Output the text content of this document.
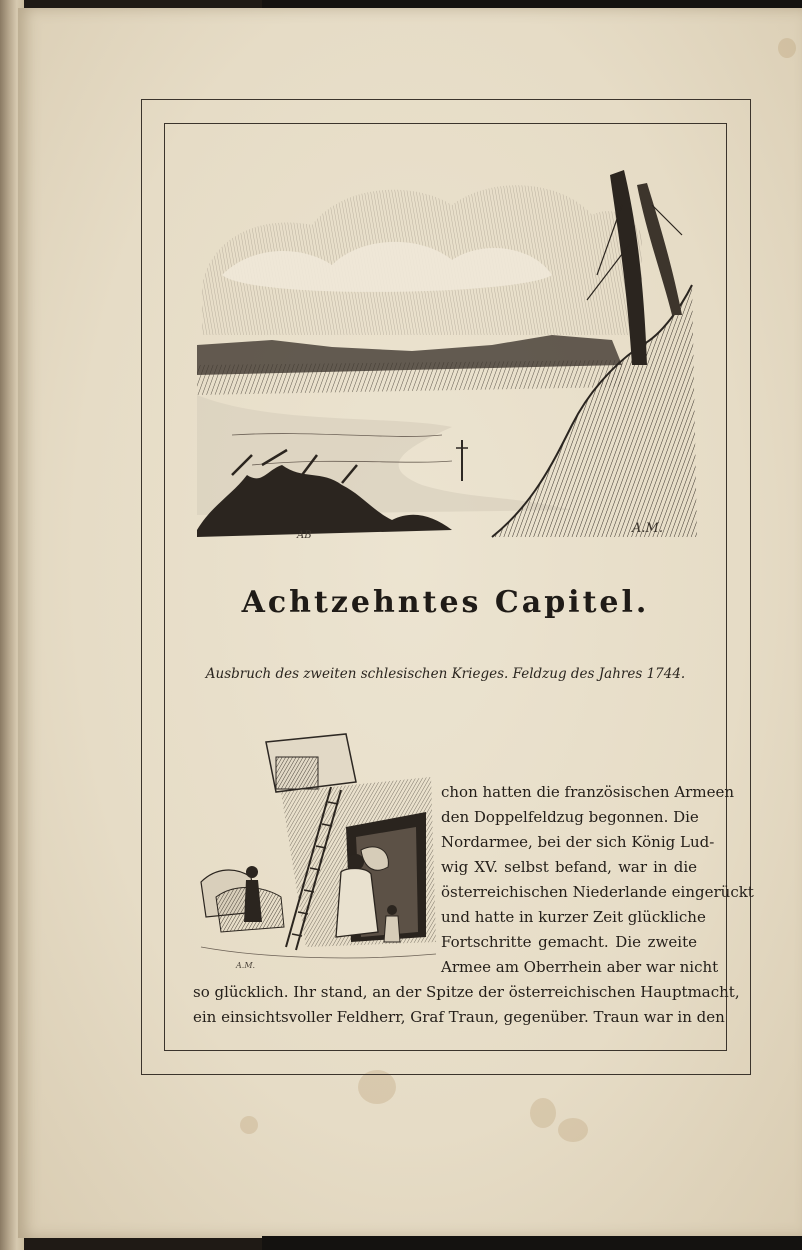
AB	A.M.
Achtzehntes Capitel.
Ausbruch des zweiten schlesischen Krieges. Feldzug des Jahres 1744.
A.M.
chon hatten die französischen Armeen
den Doppelfeldzug begonnen. Die
Nordarmee, bei der sich König Lud-
wig XV. selbst befand, war in die
österreichischen Niederlande eingerückt
und hatte in kurzer Zeit glückliche
Fortschritte gemacht. Die zweite
Armee am Oberrhein aber war nicht
so glücklich. Ihr stand, an der Spitze der österreichischen Hauptmacht,
ein einsichtsvoller Feldherr, Graf Traun, gegenüber. Traun war in den
